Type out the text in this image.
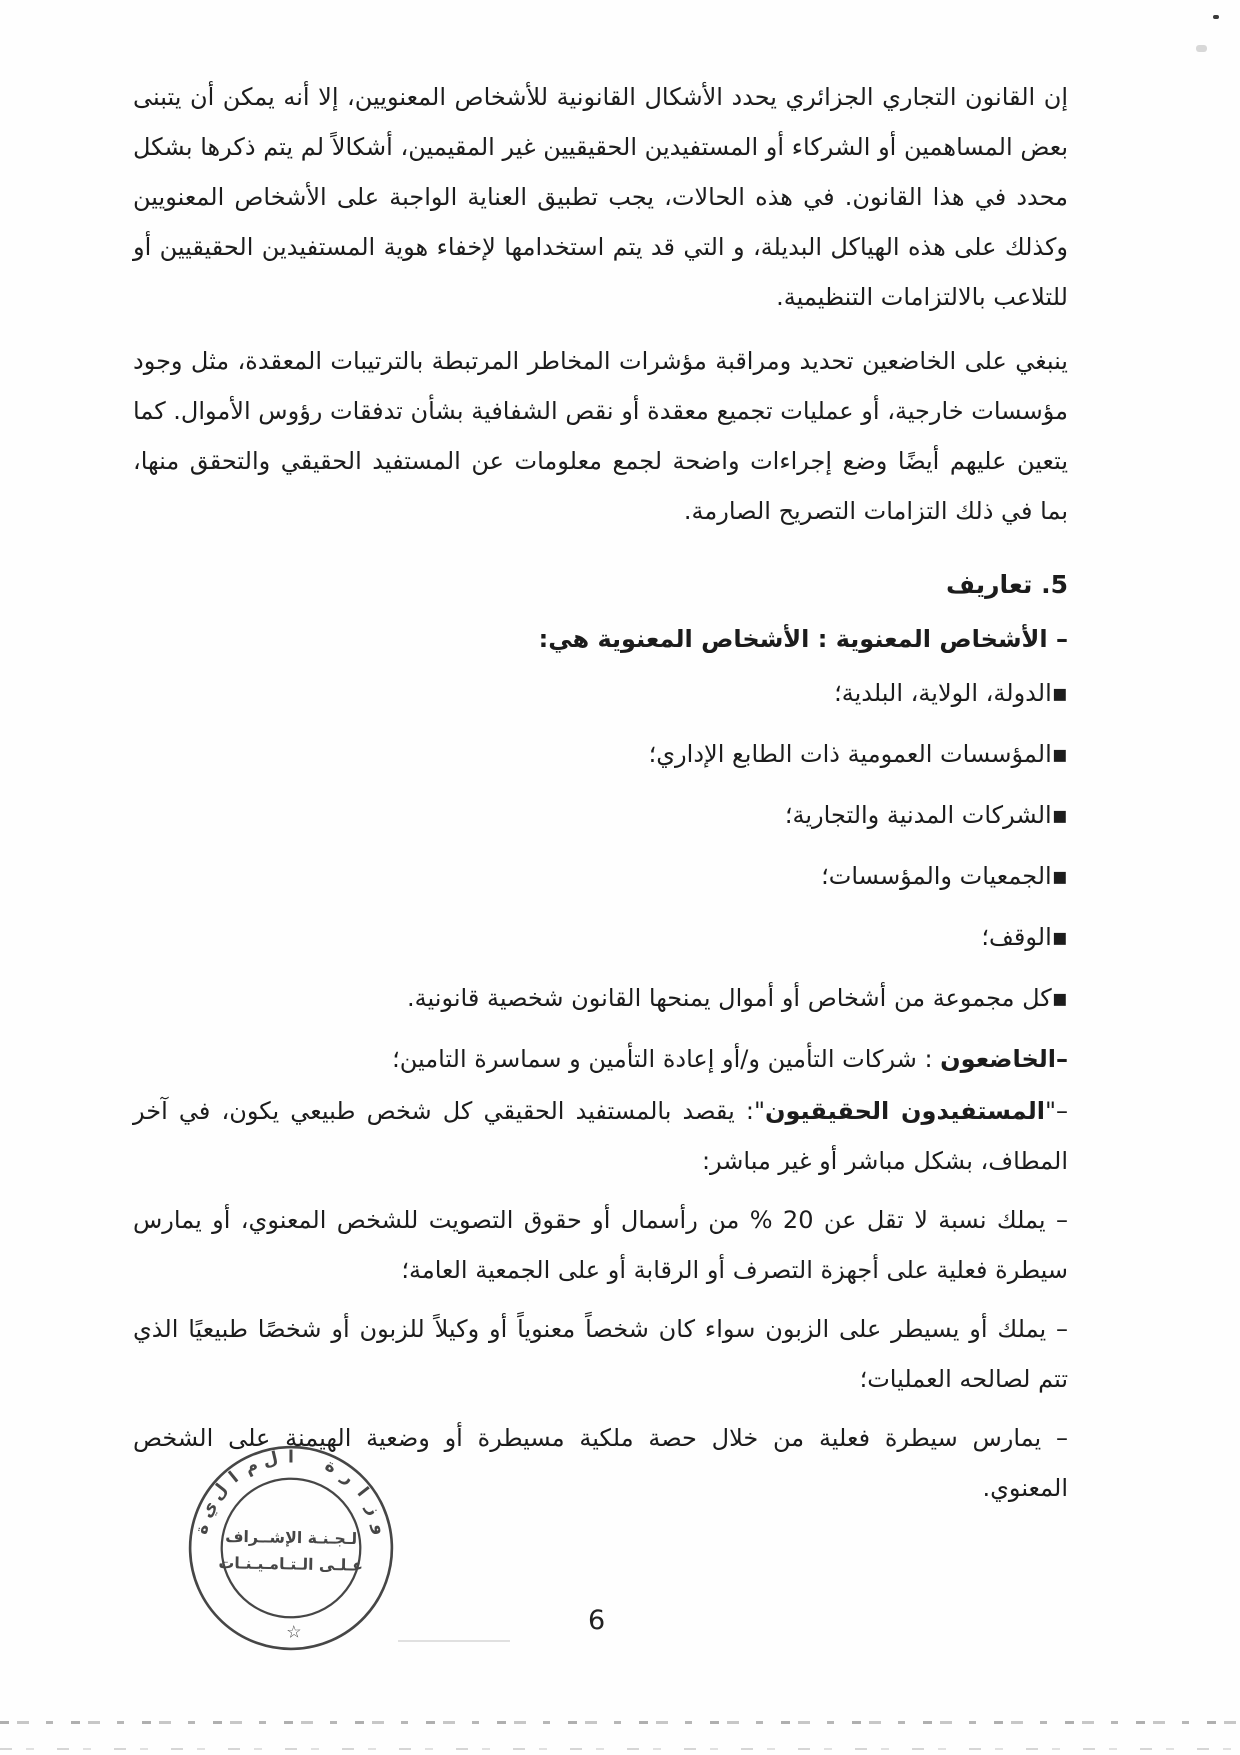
إن القانون التجاري الجزائري يحدد الأشكال القانونية للأشخاص المعنويين، إلا أنه يمكن أن يتبنى بعض المساهمين أو الشركاء أو المستفيدين الحقيقيين غير المقيمين، أشكالاً لم يتم ذكرها بشكل محدد في هذا القانون. في هذه الحالات، يجب تطبيق العناية الواجبة على الأشخاص المعنويين وكذلك على هذه الهياكل البديلة، و التي قد يتم استخدامها لإخفاء هوية المستفيدين الحقيقيين أو للتلاعب بالالتزامات التنظيمية.
ينبغي على الخاضعين تحديد ومراقبة مؤشرات المخاطر المرتبطة بالترتيبات المعقدة، مثل وجود مؤسسات خارجية، أو عمليات تجميع معقدة أو نقص الشفافية بشأن تدفقات رؤوس الأموال. كما يتعين عليهم أيضًا وضع إجراءات واضحة لجمع معلومات عن المستفيد الحقيقي والتحقق منها، بما في ذلك التزامات التصريح الصارمة.
5. تعاريف
– الأشخاص المعنوية : الأشخاص المعنوية هي:
▪الدولة، الولاية، البلدية؛
▪المؤسسات العمومية ذات الطابع الإداري؛
▪الشركات المدنية والتجارية؛
▪الجمعيات والمؤسسات؛
▪الوقف؛
▪كل مجموعة من أشخاص أو أموال يمنحها القانون شخصية قانونية.
–الخاضعون : شركات التأمين و/أو إعادة التأمين و سماسرة التامين؛
–"المستفيدون الحقيقيون": يقصد بالمستفيد الحقيقي كل شخص طبيعي يكون، في آخر المطاف، بشكل مباشر أو غير مباشر:
– يملك نسبة لا تقل عن 20 % من رأسمال أو حقوق التصويت للشخص المعنوي، أو يمارس سيطرة فعلية على أجهزة التصرف أو الرقابة أو على الجمعية العامة؛
– يملك أو يسيطر على الزبون سواء كان شخصاً معنوياً أو وكيلاً للزبون أو شخصًا طبيعيًا الذي تتم لصالحه العمليات؛
– يمارس سيطرة فعلية من خلال حصة ملكية مسيطرة أو وضعية الهيمنة على الشخص المعنوي.
و
ز
ا
ر
ة
ا
ل
م
ا
ل
ي
ة لـجـنـة الإشــراف
عـلـى الـتـامـيـنـات
☆	6
